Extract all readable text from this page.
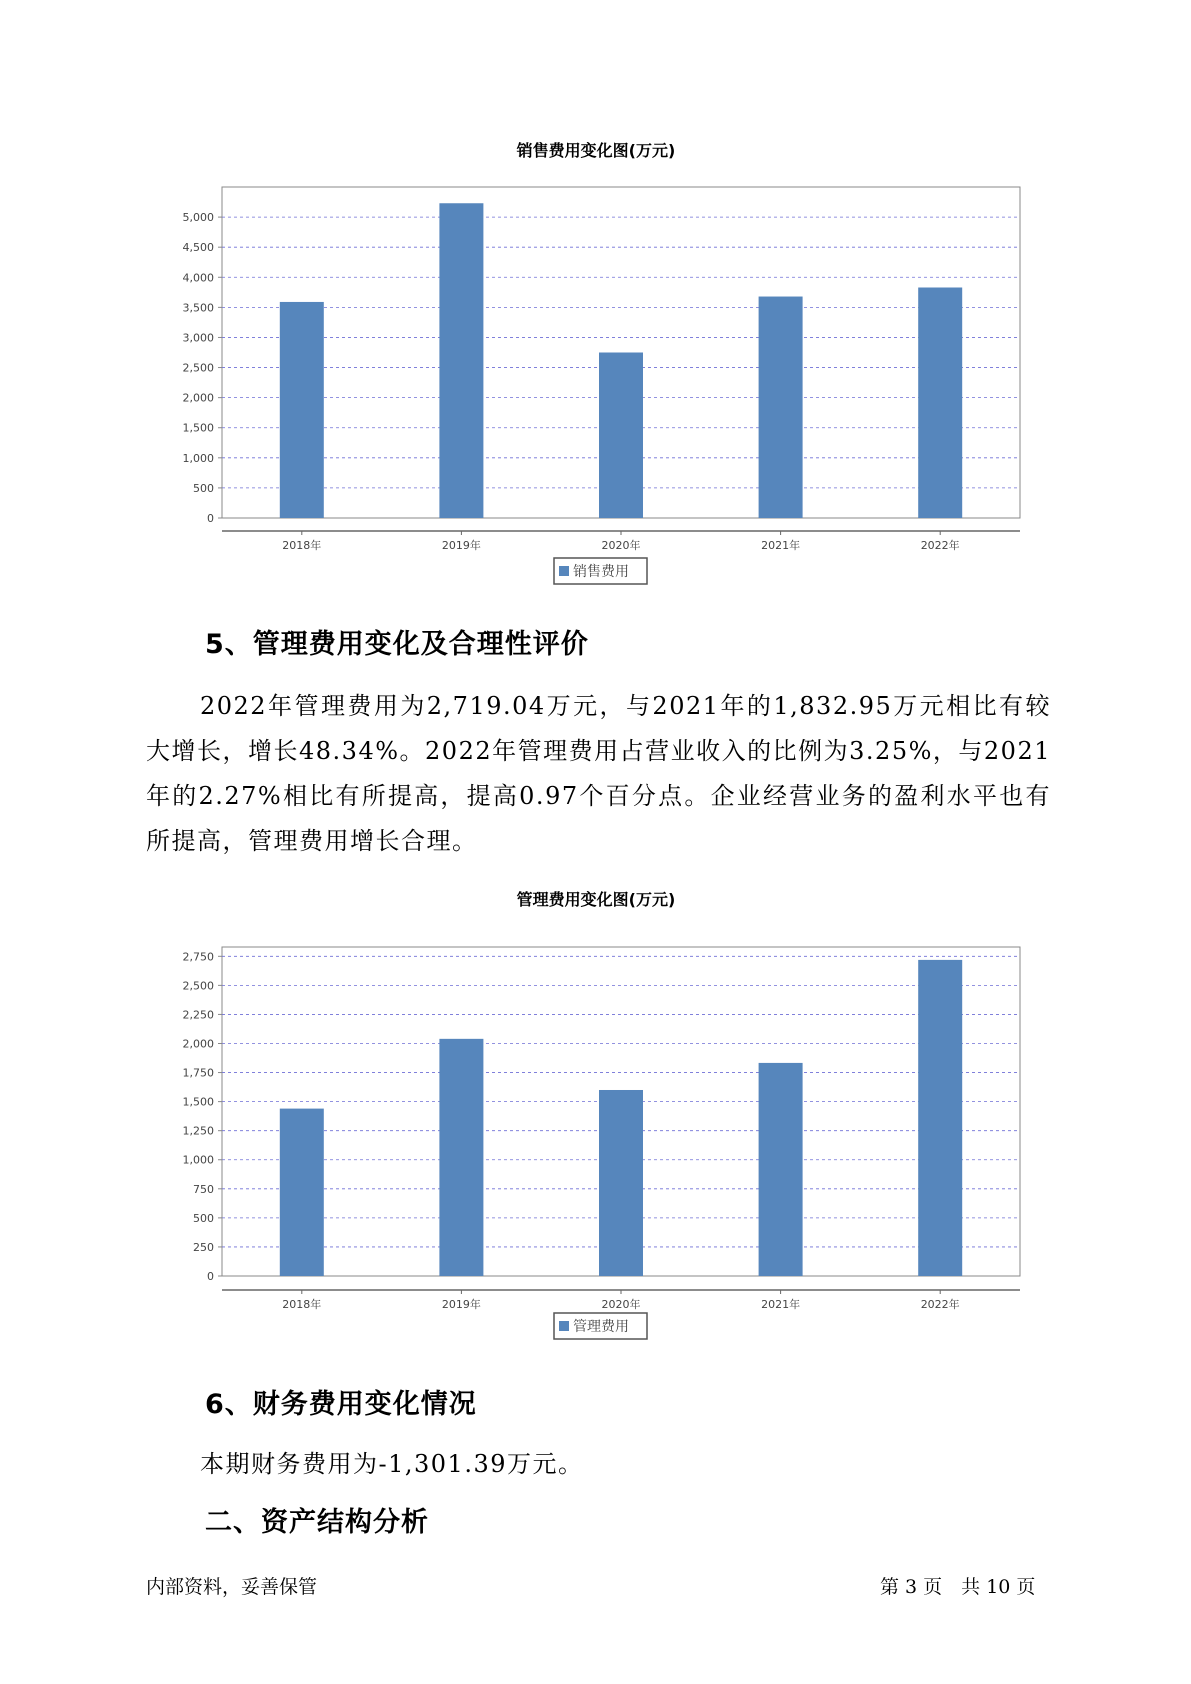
销售费用变化图(万元)
0
500
1,000
1,500
2,000
2,500
3,000
3,500
4,000
4,500
5,000
2018年	2019年	2020年	2021年	2022年
销售费用
5、管理费用变化及合理性评价

2022年管理费用为2,719.04万元，与2021年的1,832.95万元相比有较大增长，增长48.34%。2022年管理费用占营业收入的比例为3.25%，与2021年的2.27%相比有所提高，提高0.97个百分点。企业经营业务的盈利水平也有所提高，管理费用增长合理。

管理费用变化图(万元)
0
250
500
750
1,000
1,250
1,500
1,750
2,000
2,250
2,500
2,750
2018年	2019年	2020年	2021年	2022年
管理费用
6、财务费用变化情况

本期财务费用为-1,301.39万元。

二、资产结构分析
内部资料，妥善保管	第 3 页　共 10 页
